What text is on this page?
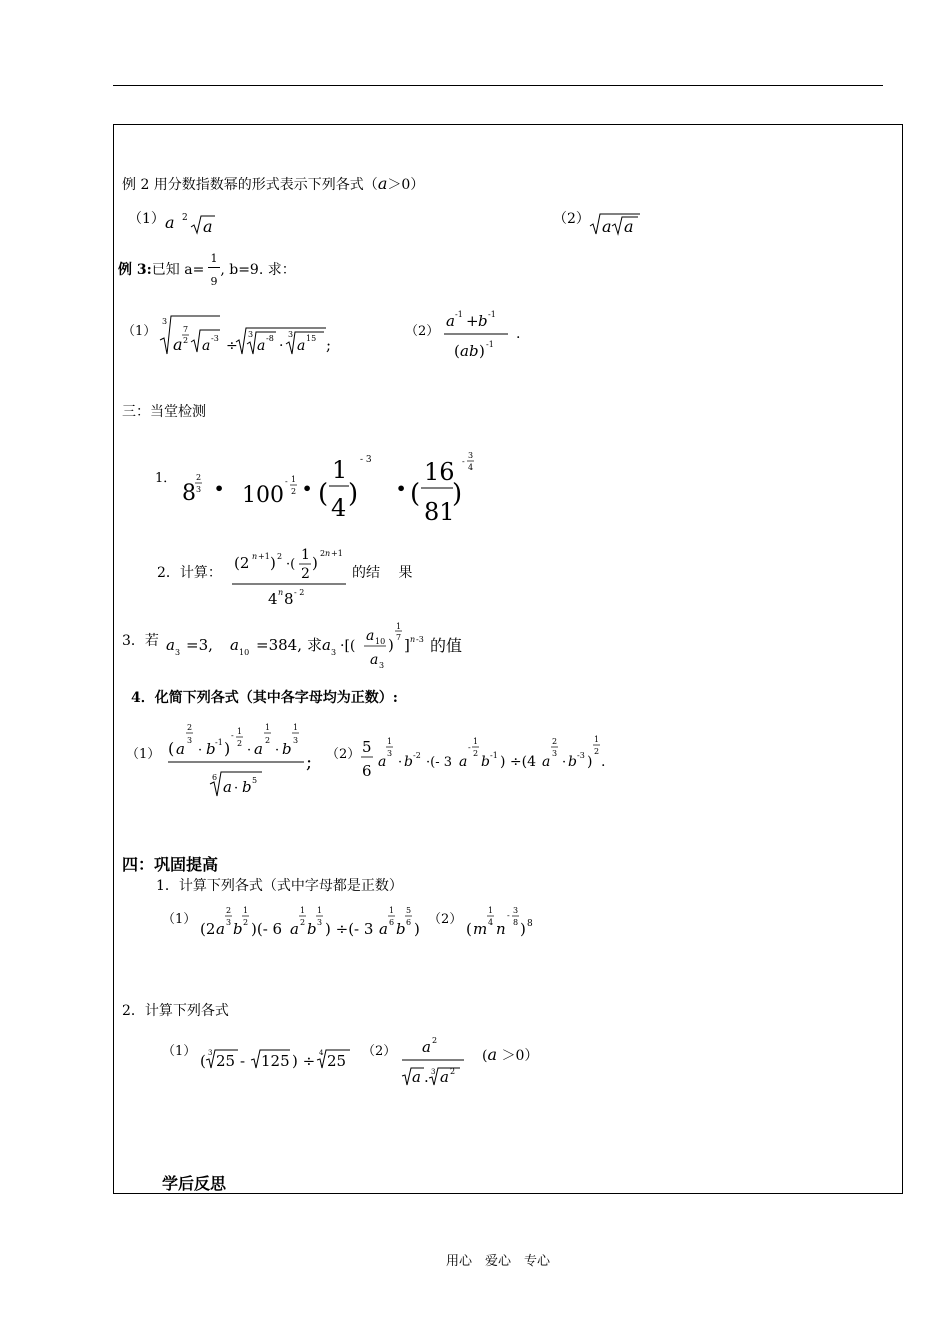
例 2 用分数指数幂的形式表示下列各式（a＞0）
（1） a 2 a	（2） a a
例 3:已知 a= , b=9. 求：
1
9
（1）
3
a
7
2 a -3 ÷
3
a -8 ·
3
a 15 ;
（2）
a -1 + b -1
( ab ) -1
.
三：当堂检测
1．
8
2
3 • 100
- 1
2 • (
1
4 )
- 3
• (
16
81
)
-
3
4
2．计算：
(2 n +1 ) 2
·(
1
2
)
2 n +1
4 n 8 - 2
的结　 果
3．若 a 3 =3, a 10 =384, 求 a 3 ·[(
a 10
a 3
)
1
7 ] n -3 的值
4．化简下列各式（其中各字母均为正数）:
（1） ( a
2
3
· b -1 )
- 1
2 · a
1
2
· b
1
3
6
a · b 5
; （2） 5
6 a
1
3
· b -2 ·(- 3 a
-
1
2
b -1 ) ÷(4 a
2
3
· b -3 )
1
2
.
四：巩固提高
1．计算下列各式（式中字母都是正数）
（1）
(2 a
2
3 b
1
2 )(- 6 a
1
2 b
1
3 ) ÷(- 3 a
1
6 b
5
6 )
（2）
( m
1
4 n
-
3
8 ) 8
2．计算下列各式
（1）
( 3 25 - 125 ) ÷ 4 25
（2） a 2
a . 3 a 2
(a ＞0）
学后反思
用心　爱心　专心
